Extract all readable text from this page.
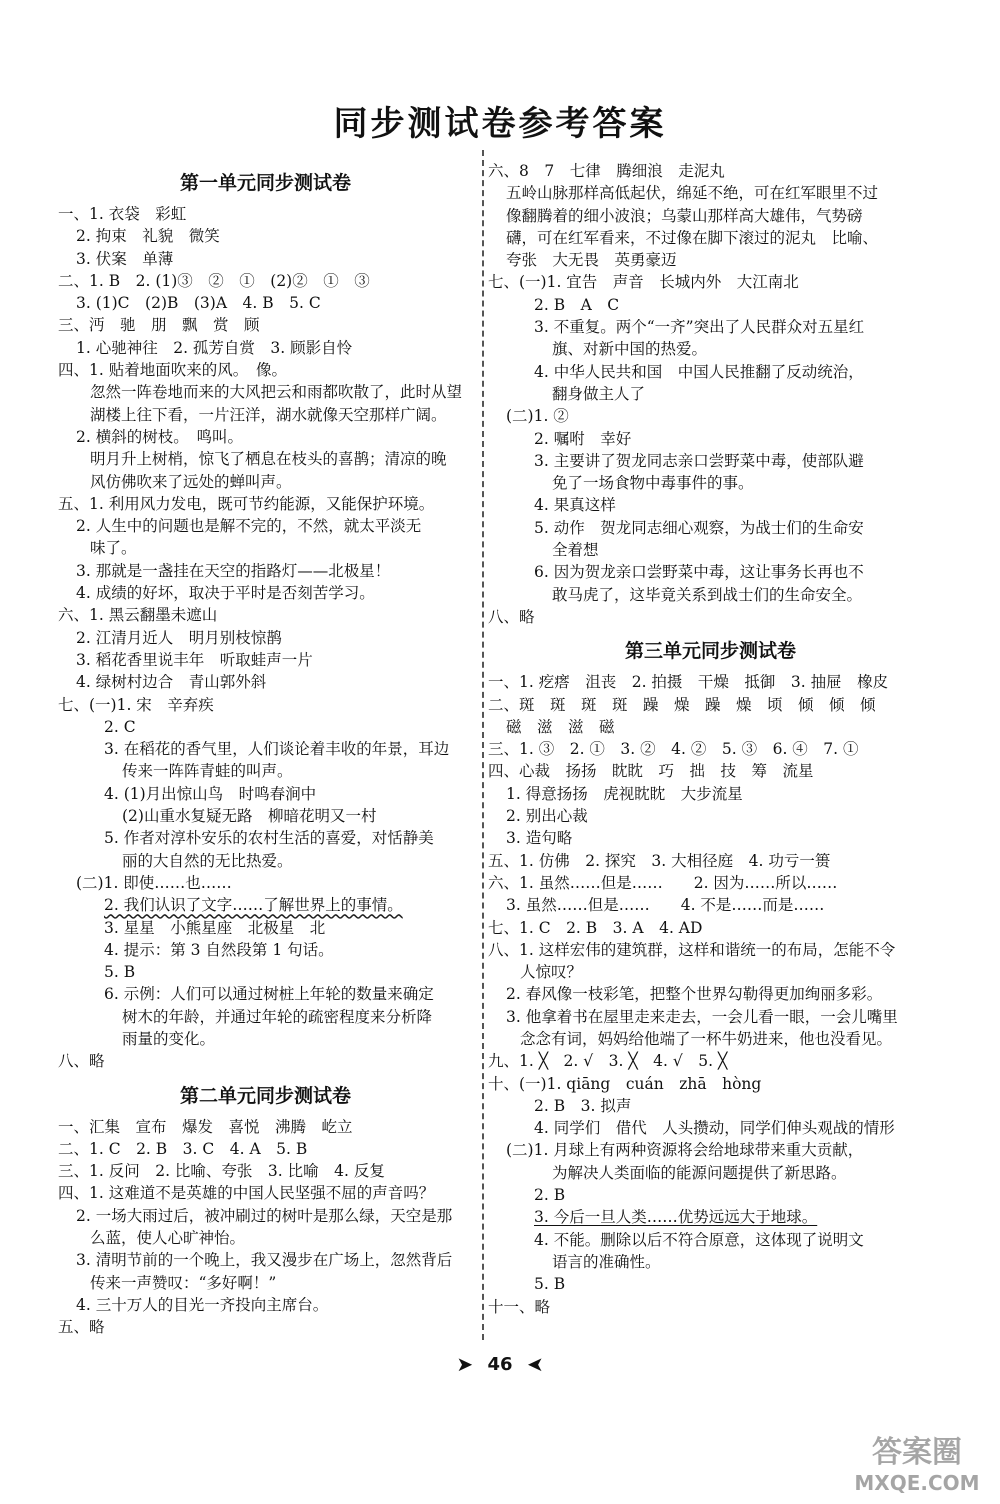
同步测试卷参考答案
第一单元同步测试卷
一、1. 衣袋　彩虹
2. 拘束　礼貌　微笑
3. 伏案　单薄
二、1. B　2. (1)③　②　①　(2)②　①　③
3. (1)C　(2)B　(3)A　4. B　5. C
三、沔　驰　朋　飘　赏　顾
1. 心驰神往　2. 孤芳自赏　3. 顾影自怜
四、1. 贴着地面吹来的风。　像。
忽然一阵卷地而来的大风把云和雨都吹散了，此时从望
湖楼上往下看，一片汪洋，湖水就像天空那样广阔。
2. 横斜的树枝。　鸣叫。
明月升上树梢，惊飞了栖息在枝头的喜鹊；清凉的晚
风仿佛吹来了远处的蝉叫声。
五、1. 利用风力发电，既可节约能源，又能保护环境。
2. 人生中的问题也是解不完的，不然，就太平淡无
味了。
3. 那就是一盏挂在天空的指路灯——北极星！
4. 成绩的好坏，取决于平时是否刻苦学习。
六、1. 黑云翻墨未遮山
2. 江清月近人　明月别枝惊鹊
3. 稻花香里说丰年　听取蛙声一片
4. 绿树村边合　青山郭外斜
七、(一)1. 宋　辛弃疾
2. C
3. 在稻花的香气里，人们谈论着丰收的年景，耳边
传来一阵阵青蛙的叫声。
4. (1)月出惊山鸟　时鸣春涧中
(2)山重水复疑无路　柳暗花明又一村
5. 作者对淳朴安乐的农村生活的喜爱，对恬静美
丽的大自然的无比热爱。
(二)1. 即使……也……
2. 我们认识了文字……了解世界上的事情。
3. 星星　小熊星座　北极星　北
4. 提示：第 3 自然段第 1 句话。
5. B
6. 示例：人们可以通过树桩上年轮的数量来确定
树木的年龄，并通过年轮的疏密程度来分析降
雨量的变化。
八、略
第二单元同步测试卷
一、汇集　宣布　爆发　喜悦　沸腾　屹立
二、1. C　2. B　3. C　4. A　5. B
三、1. 反问　2. 比喻、夸张　3. 比喻　4. 反复
四、1. 这难道不是英雄的中国人民坚强不屈的声音吗？
2. 一场大雨过后，被冲刷过的树叶是那么绿，天空是那
么蓝，使人心旷神怡。
3. 清明节前的一个晚上，我又漫步在广场上，忽然背后
传来一声赞叹：“多好啊！”
4. 三十万人的目光一齐投向主席台。
五、略
六、8　7　七律　腾细浪　走泥丸
五岭山脉那样高低起伏，绵延不绝，可在红军眼里不过
像翻腾着的细小波浪；乌蒙山那样高大雄伟，气势磅
礴，可在红军看来，不过像在脚下滚过的泥丸　比喻、
夸张　大无畏　英勇豪迈
七、(一)1. 宜告　声音　长城内外　大江南北
2. B　A　C
3. 不重复。两个“一齐”突出了人民群众对五星红
旗、对新中国的热爱。
4. 中华人民共和国　中国人民推翻了反动统治，
翻身做主人了
(二)1. ②
2. 嘱咐　幸好
3. 主要讲了贺龙同志亲口尝野菜中毒，使部队避
免了一场食物中毒事件的事。
4. 果真这样
5. 动作　贺龙同志细心观察，为战士们的生命安
全着想
6. 因为贺龙亲口尝野菜中毒，这让事务长再也不
敢马虎了，这毕竟关系到战士们的生命安全。
八、略
第三单元同步测试卷
一、1. 疙瘩　沮丧　2. 拍摄　干燥　抵御　3. 抽屉　橡皮
二、斑　斑　斑　斑　躁　燥　躁　燥　顷　倾　倾　倾
磁　滋　滋　磁
三、1. ③　2. ①　3. ②　4. ②　5. ③　6. ④　7. ①
四、心裁　扬扬　眈眈　巧　拙　技　筹　流星
1. 得意扬扬　虎视眈眈　大步流星
2. 别出心裁
3. 造句略
五、1. 仿佛　2. 探究　3. 大相径庭　4. 功亏一篑
六、1. 虽然……但是……　　2. 因为……所以……
3. 虽然……但是……　　4. 不是……而是……
七、1. C　2. B　3. A　4. AD
八、1. 这样宏伟的建筑群，这样和谐统一的布局，怎能不令
人惊叹？
2. 春风像一枝彩笔，把整个世界勾勒得更加绚丽多彩。
3. 他拿着书在屋里走来走去，一会儿看一眼，一会儿嘴里
念念有词，妈妈给他端了一杯牛奶进来，他也没看见。
九、1. ╳　2. √　3. ╳　4. √　5. ╳
十、(一)1. qiāng　cuán　zhā　hòng
2. B　3. 拟声
4. 同学们　借代　人头攒动，同学们伸头观战的情形
(二)1. 月球上有两种资源将会给地球带来重大贡献，
为解决人类面临的能源问题提供了新思路。
2. B
3. 今后一旦人类……优势远远大于地球。
4. 不能。删除以后不符合原意，这体现了说明文
语言的准确性。
5. B
十一、略
➤ 46 ➤
答案圈
MXQE.COM
